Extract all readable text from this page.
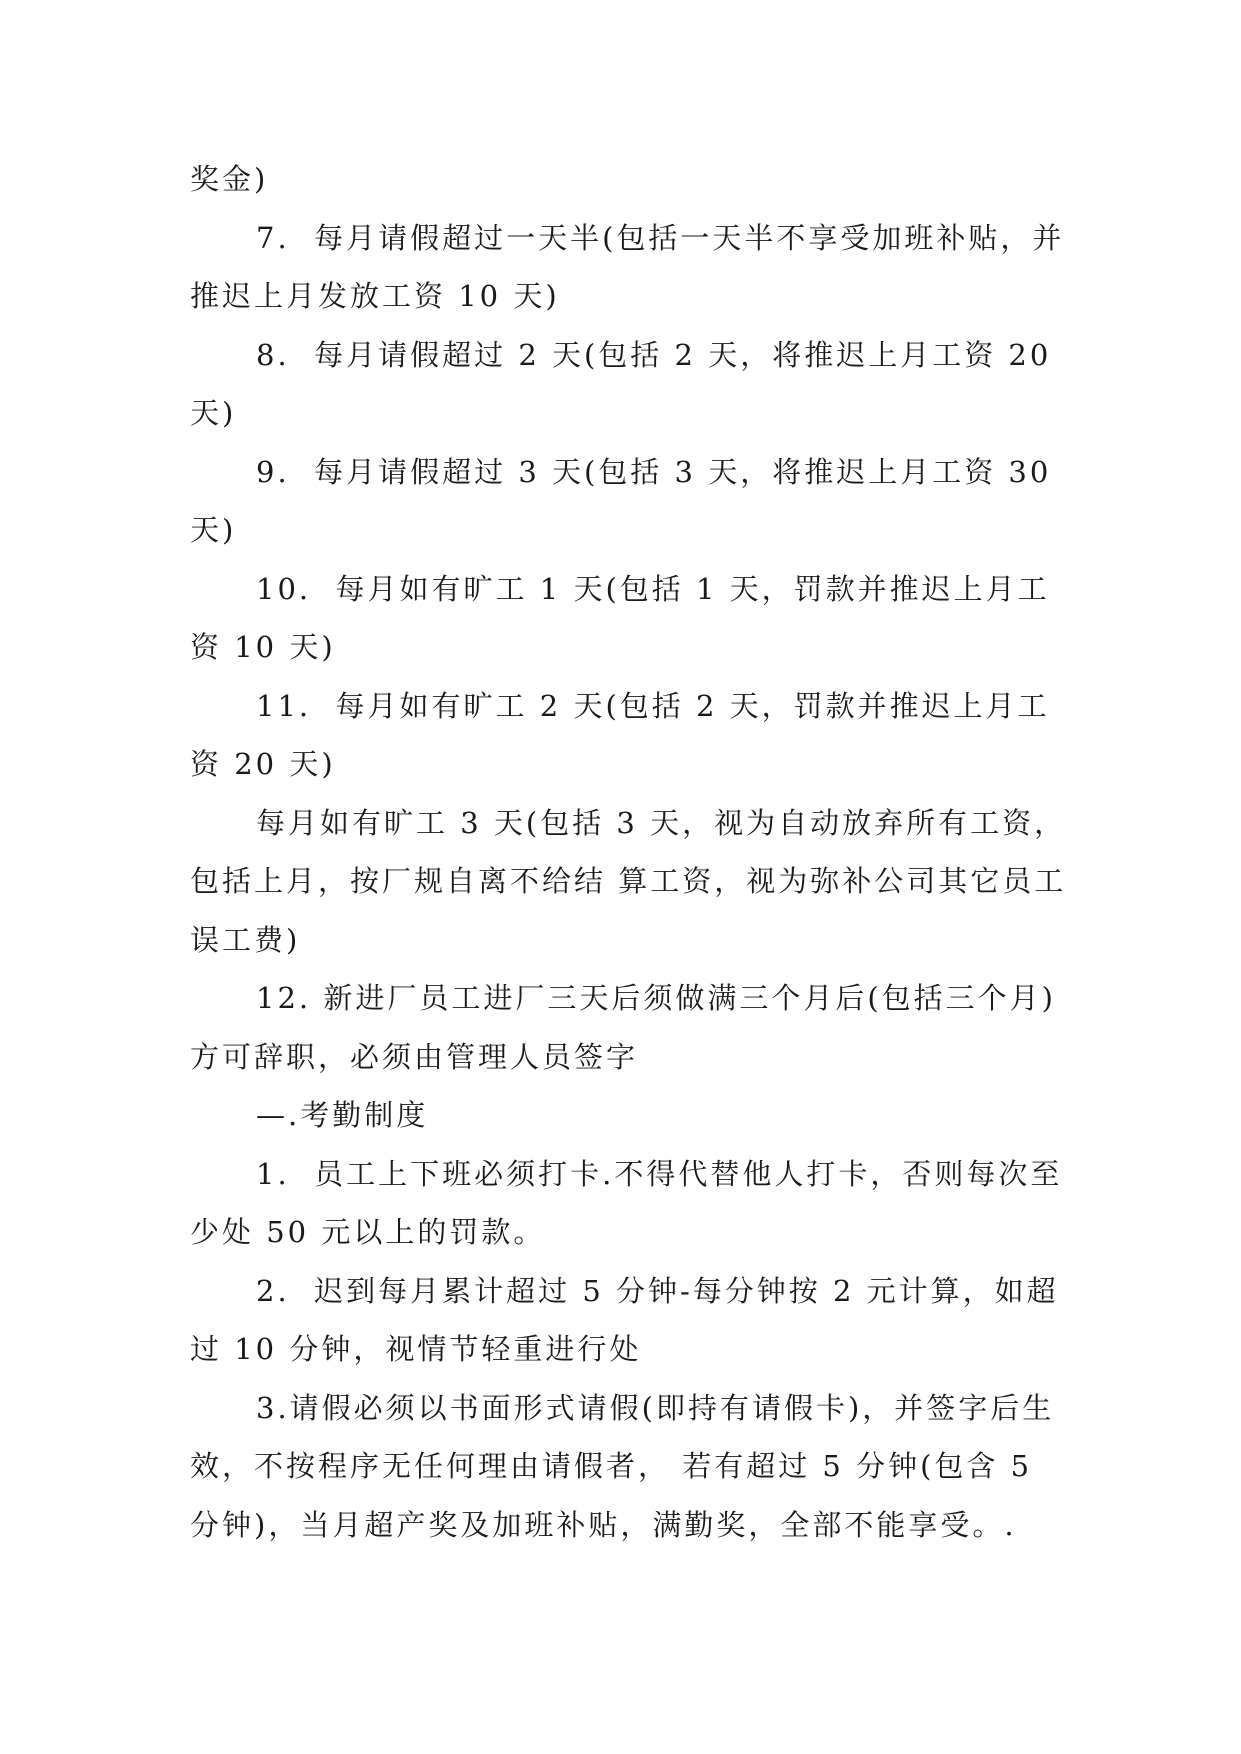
奖金)

7.  每月请假超过一天半(包括一天半不享受加班补贴，并推迟上月发放工资 10 天)

8.  每月请假超过 2 天(包括 2 天，将推迟上月工资 20 天)

9.  每月请假超过 3 天(包括 3 天，将推迟上月工资 30 天)

10.  每月如有旷工 1 天(包括 1 天，罚款并推迟上月工资 10 天)

11.  每月如有旷工 2 天(包括 2 天，罚款并推迟上月工资 20 天)

每月如有旷工 3 天(包括 3 天，视为自动放弃所有工资，包括上月，按厂规自离不给结 算工资，视为弥补公司其它员工误工费)

12. 新进厂员工进厂三天后须做满三个月后(包括三个月)方可辞职，必须由管理人员签字

—.考勤制度

1.  员工上下班必须打卡.不得代替他人打卡，否则每次至少处 50 元以上的罚款。

2.  迟到每月累计超过 5 分钟-每分钟按 2 元计算，如超过 10 分钟，视情节轻重进行处

3.请假必须以书面形式请假(即持有请假卡)，并签字后生效，不按程序无任何理由请假者， 若有超过 5 分钟(包含 5 分钟)，当月超产奖及加班补贴，满勤奖，全部不能享受。.
